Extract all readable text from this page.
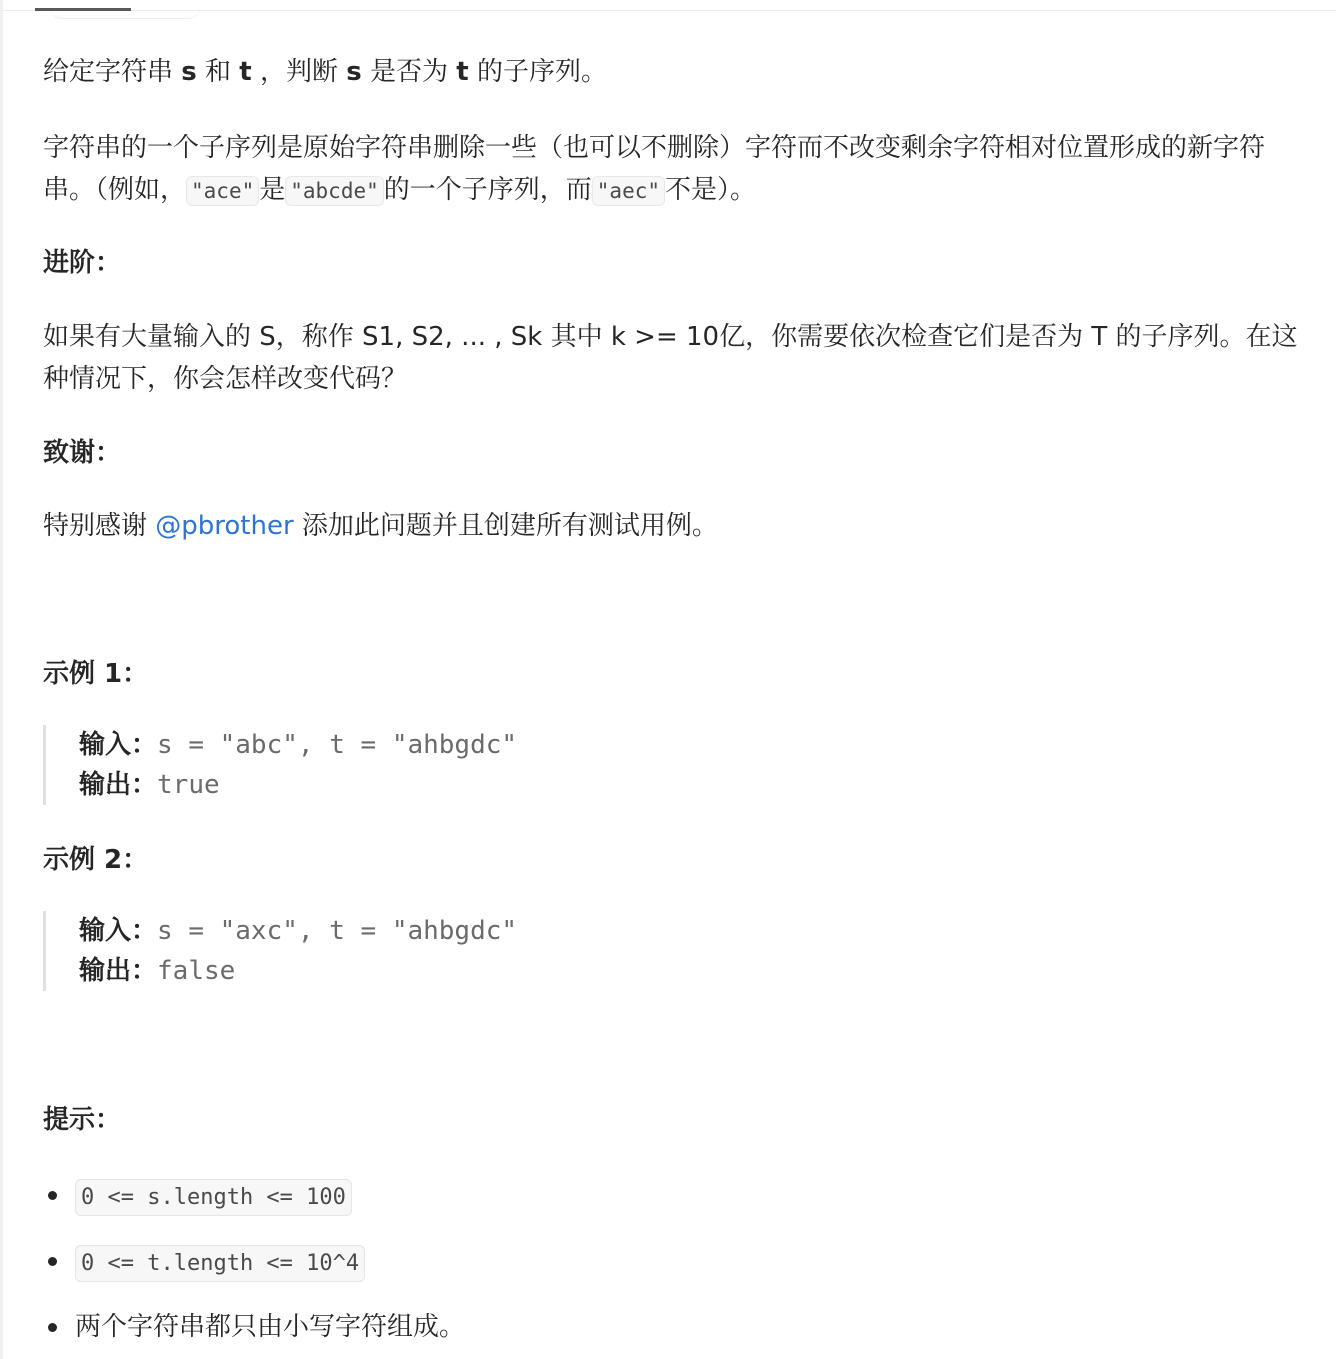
给定字符串 s 和 t ，判断 s 是否为 t 的子序列。

字符串的一个子序列是原始字符串删除一些（也可以不删除）字符而不改变剩余字符相对位置形成的新字符串。（例如， "ace" 是 "abcde" 的一个子序列，而 "aec" 不是）。

进阶：

如果有大量输入的 S，称作 S1, S2, ... , Sk 其中 k >= 10亿，你需要依次检查它们是否为 T 的子序列。在这种情况下，你会怎样改变代码？

致谢：

特别感谢 @pbrother 添加此问题并且创建所有测试用例。

示例 1：
输入：s = "abc", t = "ahbgdc"
输出：true
示例 2：
输入：s = "axc", t = "ahbgdc"
输出：false
提示：
0 <= s.length <= 100
0 <= t.length <= 10^4
两个字符串都只由小写字符组成。
